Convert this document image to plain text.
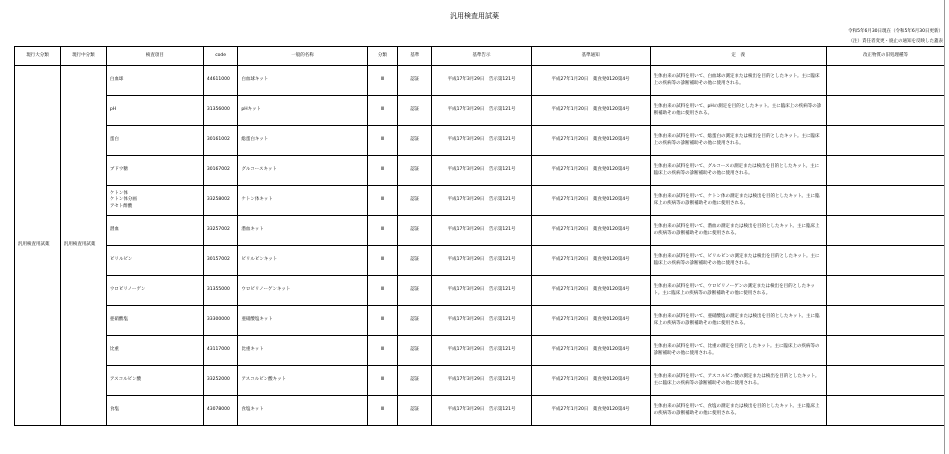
汎用検査用試薬
令和5年6月30日現在（令和5年6月30日更新）
（注）責任者変更・廃止の通知を反映した蓋表
現行大分類	現行中分類	検査項目	code	一般的名称	分類	基準	基準告示	基準通知	定　義	改正物質の旧処理種等
汎用検査用試薬	汎用検査用試薬	白血球	44611000	白血球キット	Ⅲ	認証	平成17年3月29日　告示第121号	平成27年1月20日　薬食発0120第4号	生体由来の試料を用いて、白血球の測定または検出を目的としたキット。主に臨床上の疾病等の診断補助その他に使用される。	
		pH	31356000	pHキット	Ⅲ	認証	平成17年3月29日　告示第121号	平成27年1月20日　薬食発0120第4号	生体由来の試料を用いて、pHの測定を目的としたキット。主に臨床上の疾病等の診断補助その他に使用される。	
		蛋白	30161002	総蛋白キット	Ⅲ	認証	平成17年3月29日　告示第121号	平成27年1月20日　薬食発0120第4号	生体由来の試料を用いて、総蛋白の測定または検出を目的としたキット。主に臨床上の疾病等の診断補助その他に使用される。	
		ブドウ糖	30167002	グルコースキット	Ⅲ	認証	平成17年3月29日　告示第121号	平成27年1月20日　薬食発0120第4号	生体由来の試料を用いて、グルコースの測定または検出を目的としたキット。主に臨床上の疾病等の診断補助その他に使用される。	
		ケトン体
ケトン体分画
アセト酢酸	33258002	ケトン体キット	Ⅲ	認証	平成17年3月29日　告示第121号	平成27年1月20日　薬食発0120第4号	生体由来の試料を用いて、ケトン体の測定または検出を目的としたキット。主に臨床上の疾病等の診断補助その他に使用される。	
		潜血	33257002	潜血キット	Ⅲ	認証	平成17年3月29日　告示第121号	平成27年1月20日　薬食発0120第4号	生体由来の試料を用いて、潜血の測定または検出を目的としたキット。主に臨床上の疾病等の診断補助その他に使用される。	
		ビリルビン	30157002	ビリルビンキット	Ⅲ	認証	平成17年3月29日　告示第121号	平成27年1月20日　薬食発0120第4号	生体由来の試料を用いて、ビリルビンの測定または検出を目的としたキット。主に臨床上の疾病等の診断補助その他に使用される。	
		ウロビリノーゲン	31355000	ウロビリノーゲンキット	Ⅲ	認証	平成17年3月29日　告示第121号	平成27年1月20日　薬食発0120第4号	生体由来の試料を用いて、ウロビリノーゲンの測定または検出を目的としたキット。主に臨床上の疾病等の診断補助その他に使用される。	
		亜硝酸塩	33300000	亜硝酸塩キット	Ⅲ	認証	平成17年3月29日　告示第121号	平成27年1月20日　薬食発0120第4号	生体由来の試料を用いて、亜硝酸塩の測定または検出を目的としたキット。主に臨床上の疾病等の診断補助その他に使用される。	
		比重	43117000	比重キット	Ⅲ	認証	平成17年3月29日　告示第121号	平成27年1月20日　薬食発0120第4号	生体由来の試料を用いて、比重の測定を目的としたキット。主に臨床上の疾病等の診断補助その他に使用される。	
		アスコルビン酸	33252000	アスコルビン酸キット	Ⅲ	認証	平成17年3月29日　告示第121号	平成27年1月20日　薬食発0120第4号	生体由来の試料を用いて、アスコルビン酸の測定または検出を目的としたキット。主に臨床上の疾病等の診断補助その他に使用される。	
		食塩	43078000	食塩キット	Ⅲ	認証	平成17年3月29日　告示第121号	平成27年1月20日　薬食発0120第4号	生体由来の試料を用いて、食塩の測定または検出を目的としたキット。主に臨床上の疾病等の診断補助その他に使用される。	
